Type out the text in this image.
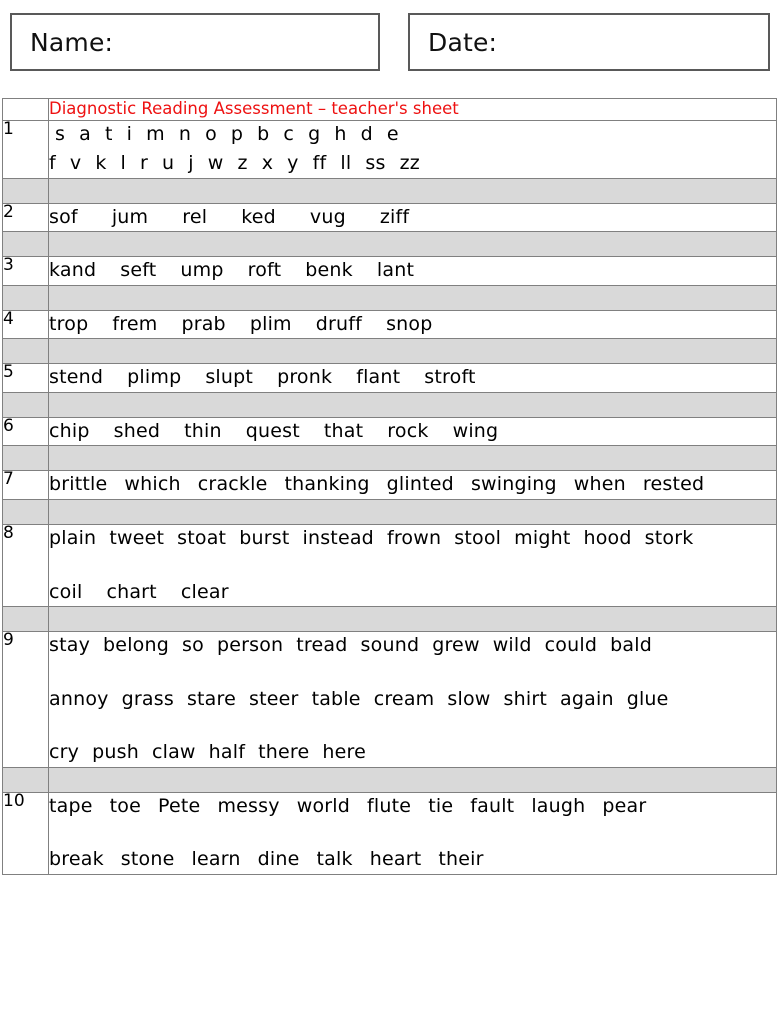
Name:	Date:

	Diagnostic Reading Assessment – teacher's sheet

1	s a t i m n o p b c g h d e
f v k l r u j w z x y ff ll ss zz

2	sof jum rel ked vug ziff

3	kand seft ump roft benk lant

4	trop frem prab plim druff snop

5	stend plimp slupt pronk flant stroft

6	chip shed thin quest that rock wing

7	brittle which crackle thanking glinted swinging when rested

8	plain tweet stoat burst instead frown stool might hood stork
coil chart clear

9	stay belong so person tread sound grew wild could bald
annoy grass stare steer table cream slow shirt again glue
cry push claw half there here

10	tape toe Pete messy world flute tie fault laugh pear
break stone learn dine talk heart their
